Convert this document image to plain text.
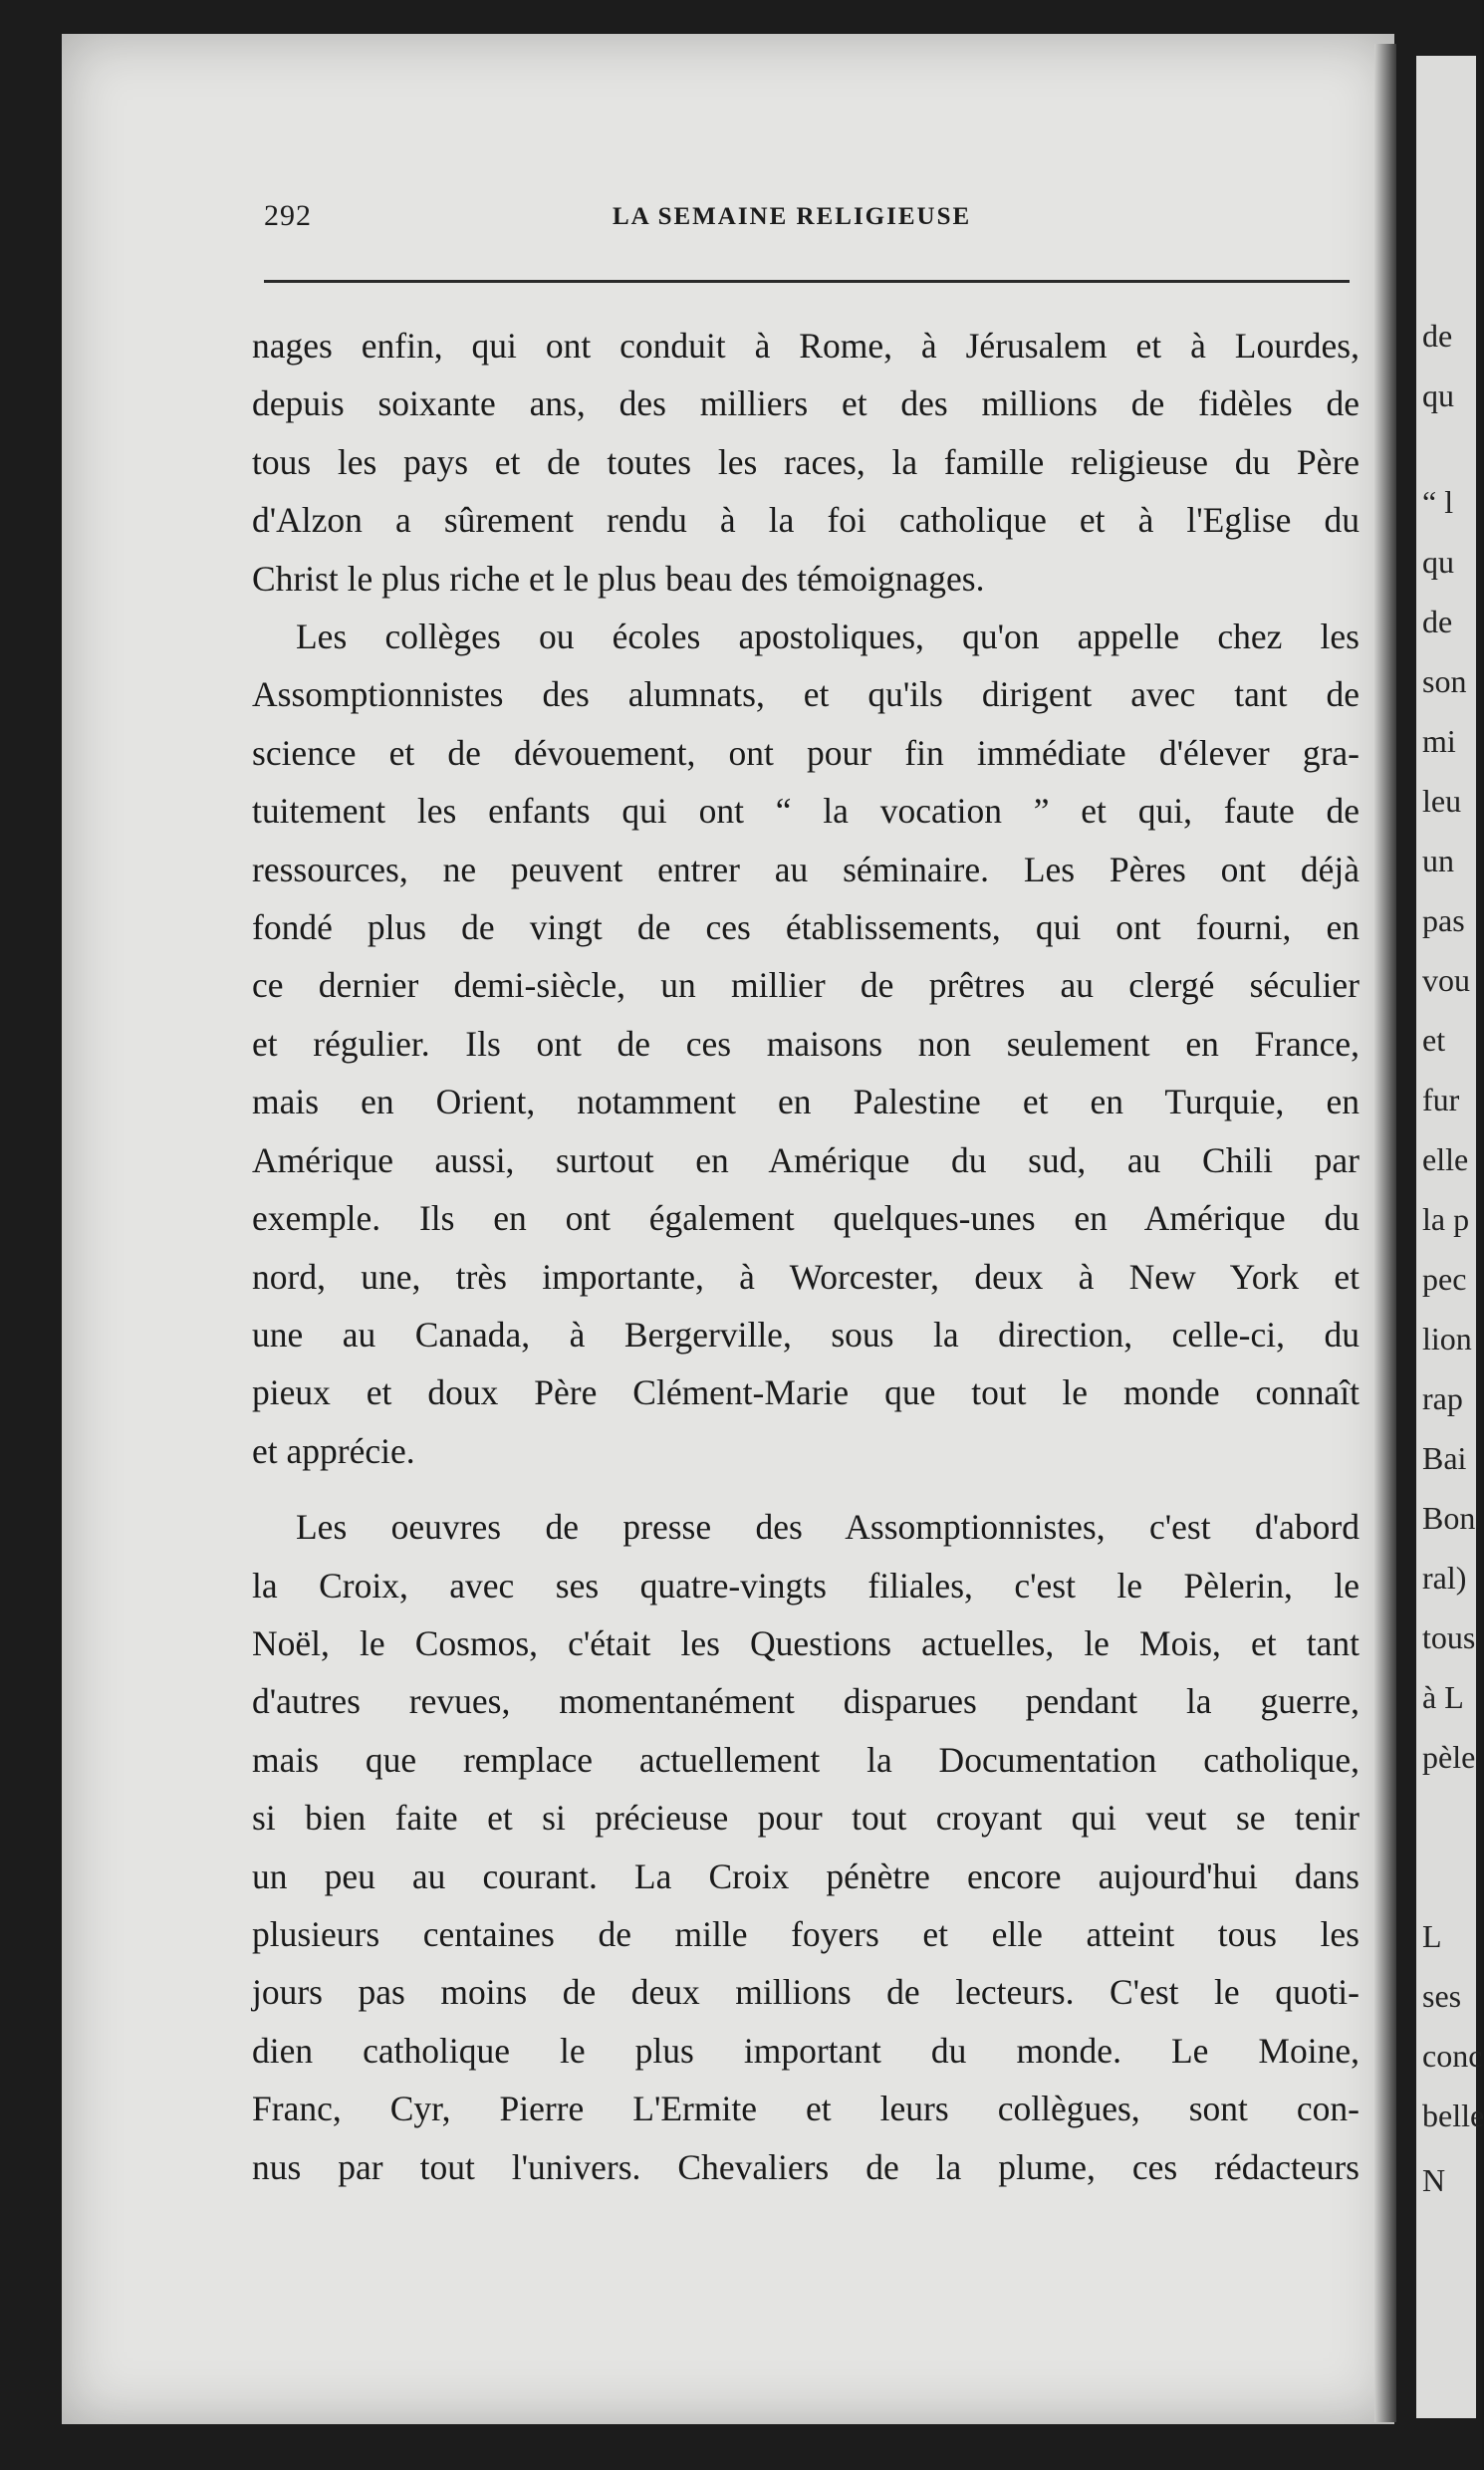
292	LA SEMAINE RELIGIEUSE
nages enfin, qui ont conduit à Rome, à Jérusalem et à Lourdes,
depuis soixante ans, des milliers et des millions de fidèles de
tous les pays et de toutes les races, la famille religieuse du Père
d'Alzon a sûrement rendu à la foi catholique et à l'Eglise du
Christ le plus riche et le plus beau des témoignages.
Les collèges ou écoles apostoliques, qu'on appelle chez les
Assomptionnistes des alumnats, et qu'ils dirigent avec tant de
science et de dévouement, ont pour fin immédiate d'élever gra-
tuitement les enfants qui ont “ la vocation ” et qui, faute de
ressources, ne peuvent entrer au séminaire. Les Pères ont déjà
fondé plus de vingt de ces établissements, qui ont fourni, en
ce dernier demi-siècle, un millier de prêtres au clergé séculier
et régulier. Ils ont de ces maisons non seulement en France,
mais en Orient, notamment en Palestine et en Turquie, en
Amérique aussi, surtout en Amérique du sud, au Chili par
exemple. Ils en ont également quelques-unes en Amérique du
nord, une, très importante, à Worcester, deux à New York et
une au Canada, à Bergerville, sous la direction, celle-ci, du
pieux et doux Père Clément-Marie que tout le monde connaît
et apprécie.
Les oeuvres de presse des Assomptionnistes, c'est d'abord
la Croix, avec ses quatre-vingts filiales, c'est le Pèlerin, le
Noël, le Cosmos, c'était les Questions actuelles, le Mois, et tant
d'autres revues, momentanément disparues pendant la guerre,
mais que remplace actuellement la Documentation catholique,
si bien faite et si précieuse pour tout croyant qui veut se tenir
un peu au courant. La Croix pénètre encore aujourd'hui dans
plusieurs centaines de mille foyers et elle atteint tous les
jours pas moins de deux millions de lecteurs. C'est le quoti-
dien catholique le plus important du monde. Le Moine,
Franc, Cyr, Pierre L'Ermite et leurs collègues, sont con-
nus par tout l'univers. Chevaliers de la plume, ces rédacteurs
de
qu
“ l
qu
de
son
mi
leu
un
pas
vou
et
fur
elle
la p
pec
lion
rap
Bai
Bon
ral)
tous
à L
pèle
L
ses
conc
belle
N
